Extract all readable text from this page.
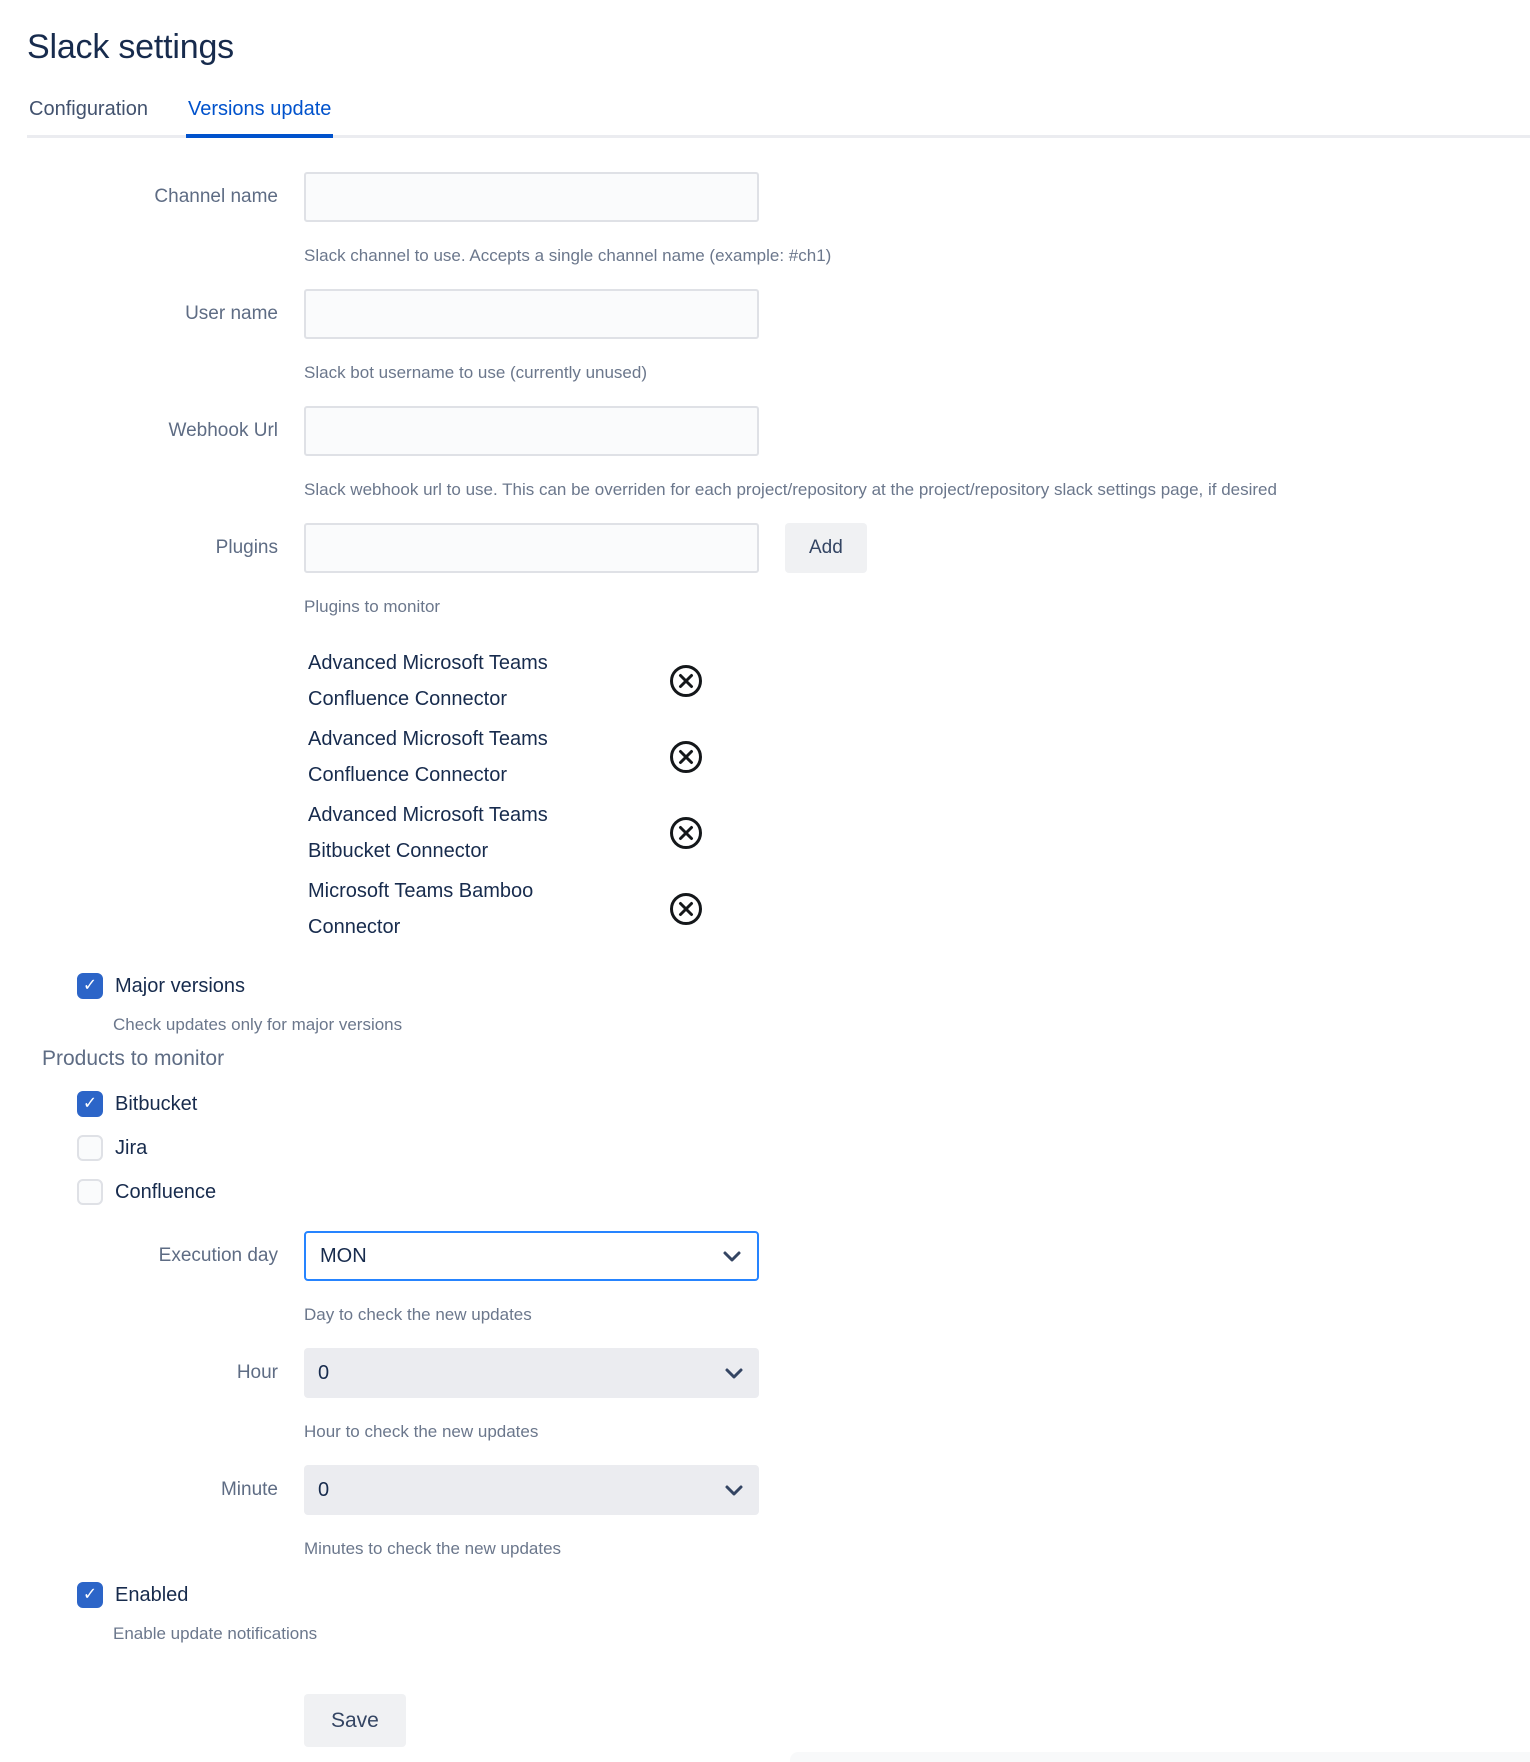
Slack settings
Configuration Versions update
Channel name
Slack channel to use. Accepts a single channel name (example: #ch1)
User name
Slack bot username to use (currently unused)
Webhook Url
Slack webhook url to use. This can be overriden for each project/repository at the project/repository slack settings page, if desired
Plugins	Add
Plugins to monitor
Advanced Microsoft Teams Confluence Connector
Advanced Microsoft Teams Confluence Connector
Advanced Microsoft Teams Bitbucket Connector
Microsoft Teams Bamboo Connector
✓
Major versions
Check updates only for major versions
Products to monitor
✓
Bitbucket
Jira
Confluence
Execution day MON
Day to check the new updates
Hour 0
Hour to check the new updates
Minute 0
Minutes to check the new updates
✓
Enabled
Enable update notifications
Save
